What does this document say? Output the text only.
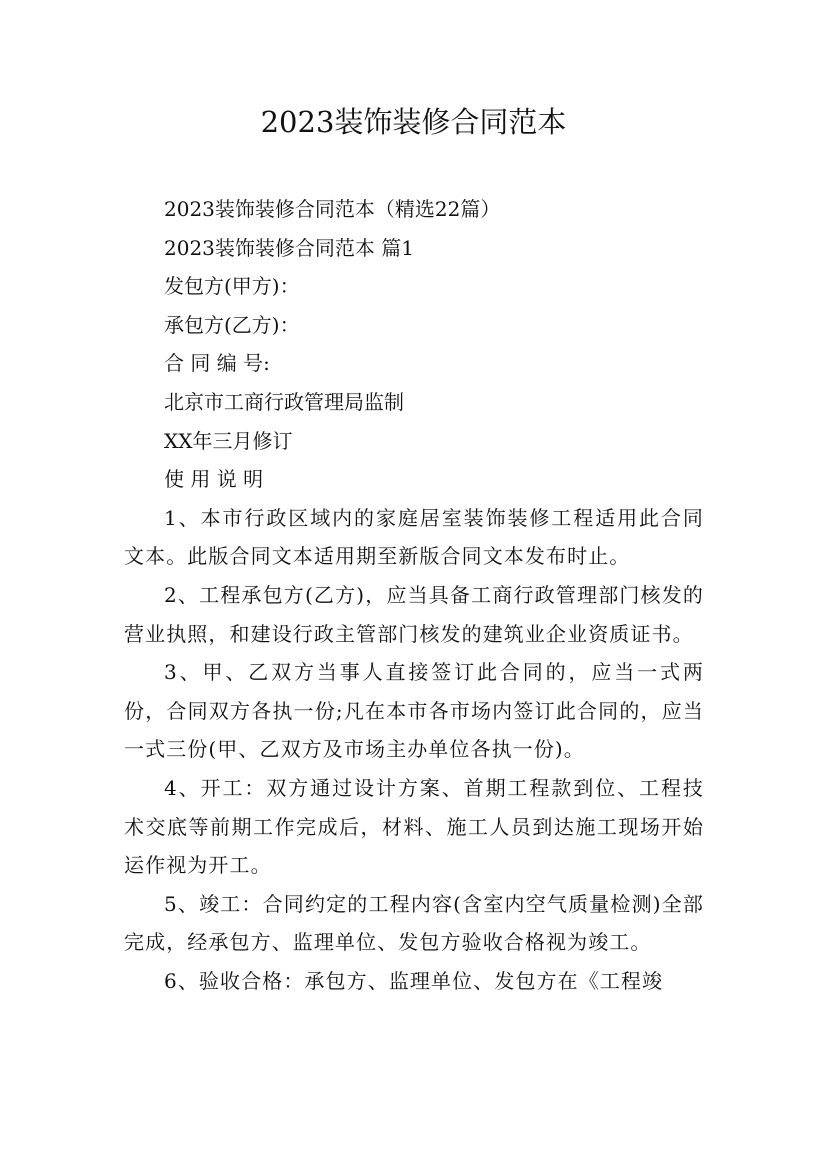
2023装饰装修合同范本

2023装饰装修合同范本（精选22篇）

2023装饰装修合同范本 篇1

发包方(甲方)：

承包方(乙方)：

合 同 编 号:

北京市工商行政管理局监制

XX年三月修订

使 用 说 明

1、本市行政区域内的家庭居室装饰装修工程适用此合同文本。此版合同文本适用期至新版合同文本发布时止。

2、工程承包方(乙方)，应当具备工商行政管理部门核发的营业执照，和建设行政主管部门核发的建筑业企业资质证书。

3、甲、乙双方当事人直接签订此合同的，应当一式两份，合同双方各执一份;凡在本市各市场内签订此合同的，应当一式三份(甲、乙双方及市场主办单位各执一份)。

4、开工：双方通过设计方案、首期工程款到位、工程技术交底等前期工作完成后，材料、施工人员到达施工现场开始运作视为开工。

5、竣工：合同约定的工程内容(含室内空气质量检测)全部完成，经承包方、监理单位、发包方验收合格视为竣工。

6、验收合格：承包方、监理单位、发包方在《工程竣
